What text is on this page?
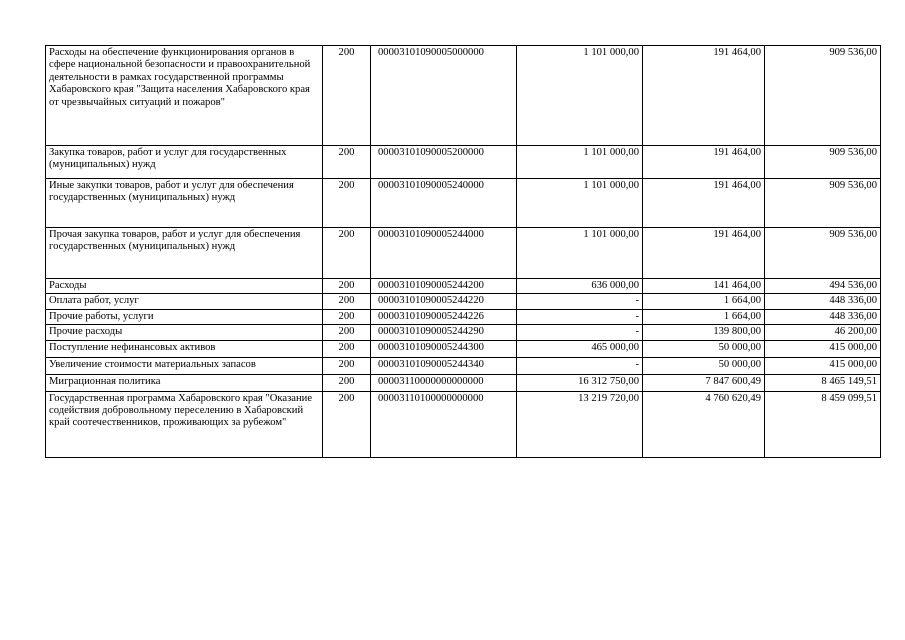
Расходы на обеспечение функционирования органов в сфере национальной безопасности и правоохранительной деятельности в рамках государственной программы Хабаровского края "Защита населения Хабаровского края от чрезвычайных ситуаций и пожаров"	200	00003101090005000000	1 101 000,00	191 464,00	909 536,00
Закупка товаров, работ и услуг для государственных (муниципальных) нужд	200	00003101090005200000	1 101 000,00	191 464,00	909 536,00
Иные закупки товаров, работ и услуг для обеспечения государственных (муниципальных) нужд	200	00003101090005240000	1 101 000,00	191 464,00	909 536,00
Прочая закупка товаров, работ и услуг для обеспечения государственных (муниципальных) нужд	200	00003101090005244000	1 101 000,00	191 464,00	909 536,00
Расходы	200	00003101090005244200	636 000,00	141 464,00	494 536,00
Оплата работ, услуг	200	00003101090005244220	-	1 664,00	448 336,00
Прочие работы, услуги	200	00003101090005244226	-	1 664,00	448 336,00
Прочие расходы	200	00003101090005244290	-	139 800,00	46 200,00
Поступление нефинансовых активов	200	00003101090005244300	465 000,00	50 000,00	415 000,00
Увеличение стоимости материальных запасов	200	00003101090005244340	-	50 000,00	415 000,00
Миграционная политика	200	00003110000000000000	16 312 750,00	7 847 600,49	8 465 149,51
Государственная программа Хабаровского края "Оказание содействия добровольному переселению в Хабаровский край соотечественников, проживающих за рубежом"	200	00003110100000000000	13 219 720,00	4 760 620,49	8 459 099,51
